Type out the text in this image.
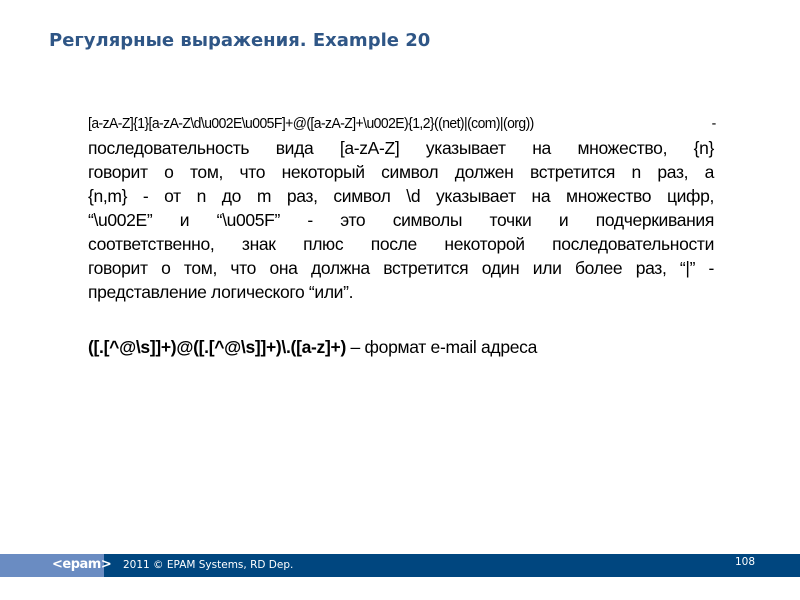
Регулярные выражения. Example 20
[a-zA-Z]{1}[a-zA-Z\d\u002E\u005F]+@([a-zA-Z]+\u002E){1,2}((net)|(com)|(org)) -
последовательность вида [a-zA-Z] указывает на множество, {n}
говорит о том, что некоторый символ должен встретится n раз, а
{n,m} - от n до m раз, символ \d указывает на множество цифр,
“\u002E” и “\u005F” - это символы точки и подчеркивания
соответственно, знак плюс после некоторой последовательности
говорит о том, что она должна встретится один или более раз, “|” -
представление логического “или”.
([.[^@\s]]+)@([.[^@\s]]+)\.([a-z]+) – формат e-mail адреса
<epam> 2011 © EPAM Systems, RD Dep.	108
